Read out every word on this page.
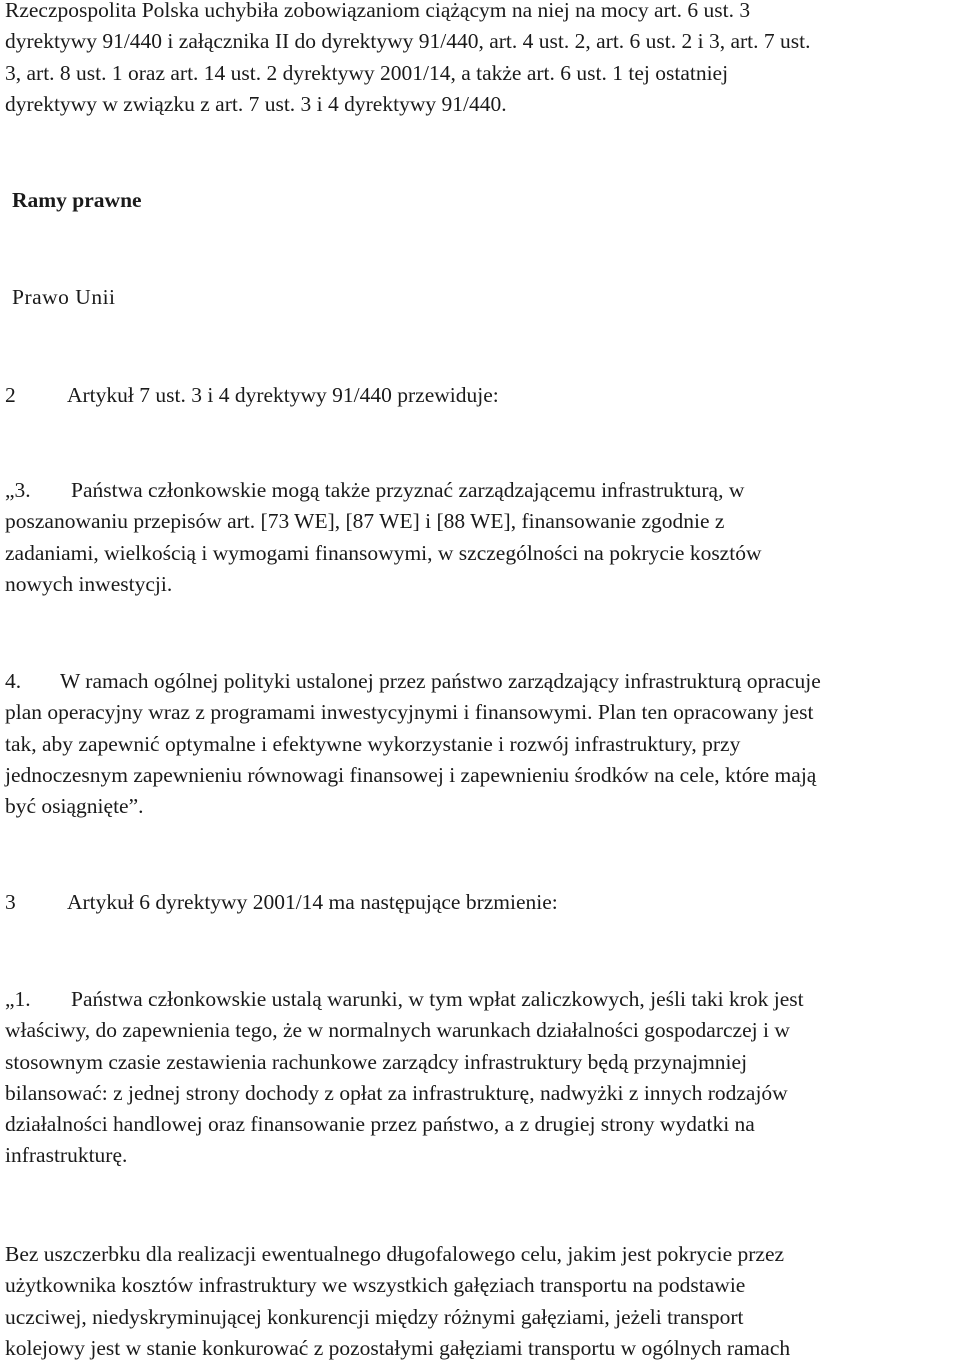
Rzeczpospolita Polska uchybiła zobowiązaniom ciążącym na niej na mocy art. 6 ust. 3
dyrektywy 91/440 i załącznika II do dyrektywy 91/440, art. 4 ust. 2, art. 6 ust. 2 i 3, art. 7 ust.
3, art. 8 ust. 1 oraz art. 14 ust. 2 dyrektywy 2001/14, a także art. 6 ust. 1 tej ostatniej
dyrektywy w związku z art. 7 ust. 3 i 4 dyrektywy 91/440.
Ramy prawne
Prawo Unii
2 Artykuł 7 ust. 3 i 4 dyrektywy 91/440 przewiduje:
„3. Państwa członkowskie mogą także przyznać zarządzającemu infrastrukturą, w
poszanowaniu przepisów art. [73 WE], [87 WE] i [88 WE], finansowanie zgodnie z
zadaniami, wielkością i wymogami finansowymi, w szczególności na pokrycie kosztów
nowych inwestycji.
4. W ramach ogólnej polityki ustalonej przez państwo zarządzający infrastrukturą opracuje
plan operacyjny wraz z programami inwestycyjnymi i finansowymi. Plan ten opracowany jest
tak, aby zapewnić optymalne i efektywne wykorzystanie i rozwój infrastruktury, przy
jednoczesnym zapewnieniu równowagi finansowej i zapewnieniu środków na cele, które mają
być osiągnięte”.
3 Artykuł 6 dyrektywy 2001/14 ma następujące brzmienie:
„1. Państwa członkowskie ustalą warunki, w tym wpłat zaliczkowych, jeśli taki krok jest
właściwy, do zapewnienia tego, że w normalnych warunkach działalności gospodarczej i w
stosownym czasie zestawienia rachunkowe zarządcy infrastruktury będą przynajmniej
bilansować: z jednej strony dochody z opłat za infrastrukturę, nadwyżki z innych rodzajów
działalności handlowej oraz finansowanie przez państwo, a z drugiej strony wydatki na
infrastrukturę.
Bez uszczerbku dla realizacji ewentualnego długofalowego celu, jakim jest pokrycie przez
użytkownika kosztów infrastruktury we wszystkich gałęziach transportu na podstawie
uczciwej, niedyskryminującej konkurencji między różnymi gałęziami, jeżeli transport
kolejowy jest w stanie konkurować z pozostałymi gałęziami transportu w ogólnych ramach
